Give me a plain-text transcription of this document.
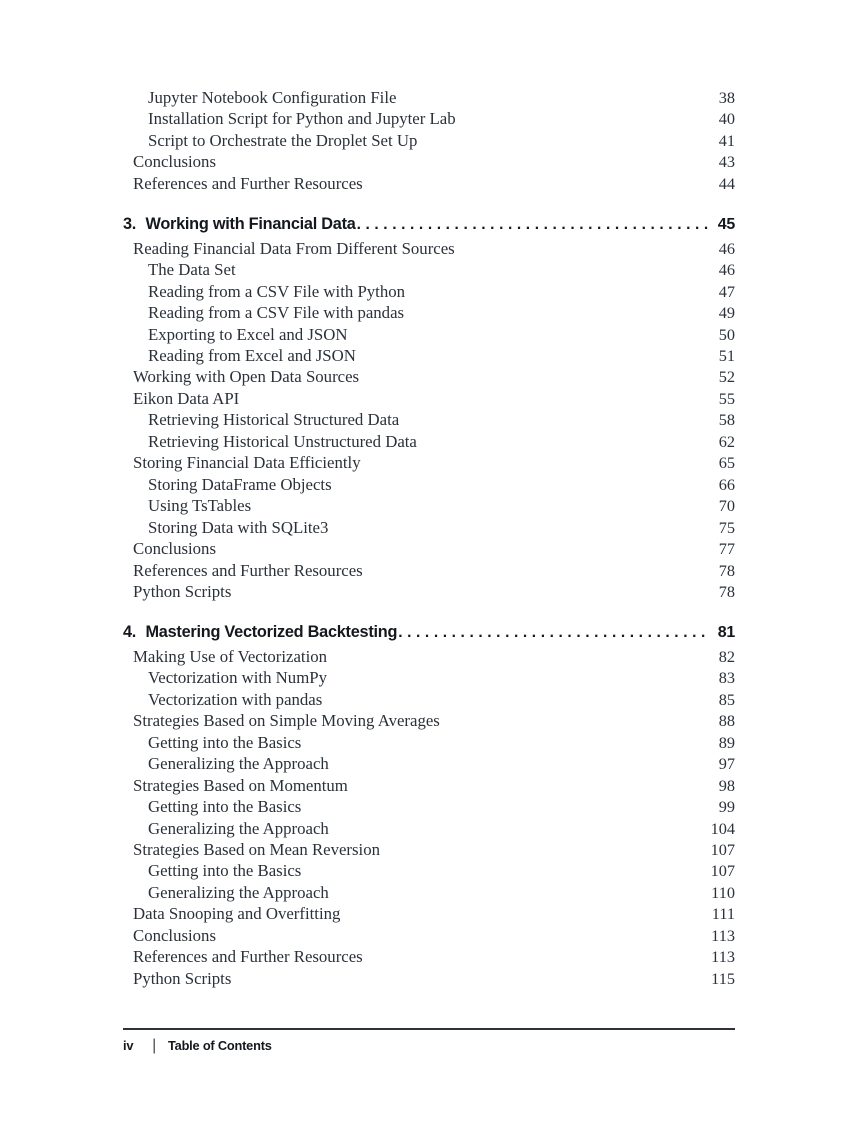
Jupyter Notebook Configuration File	38
Installation Script for Python and Jupyter Lab	40
Script to Orchestrate the Droplet Set Up	41
Conclusions	43
References and Further Resources	44
3. Working with Financial Data .....	45
Reading Financial Data From Different Sources	46
The Data Set	46
Reading from a CSV File with Python	47
Reading from a CSV File with pandas	49
Exporting to Excel and JSON	50
Reading from Excel and JSON	51
Working with Open Data Sources	52
Eikon Data API	55
Retrieving Historical Structured Data	58
Retrieving Historical Unstructured Data	62
Storing Financial Data Efficiently	65
Storing DataFrame Objects	66
Using TsTables	70
Storing Data with SQLite3	75
Conclusions	77
References and Further Resources	78
Python Scripts	78
4. Mastering Vectorized Backtesting .....	81
Making Use of Vectorization	82
Vectorization with NumPy	83
Vectorization with pandas	85
Strategies Based on Simple Moving Averages	88
Getting into the Basics	89
Generalizing the Approach	97
Strategies Based on Momentum	98
Getting into the Basics	99
Generalizing the Approach	104
Strategies Based on Mean Reversion	107
Getting into the Basics	107
Generalizing the Approach	110
Data Snooping and Overfitting	111
Conclusions	113
References and Further Resources	113
Python Scripts	115
iv | Table of Contents
